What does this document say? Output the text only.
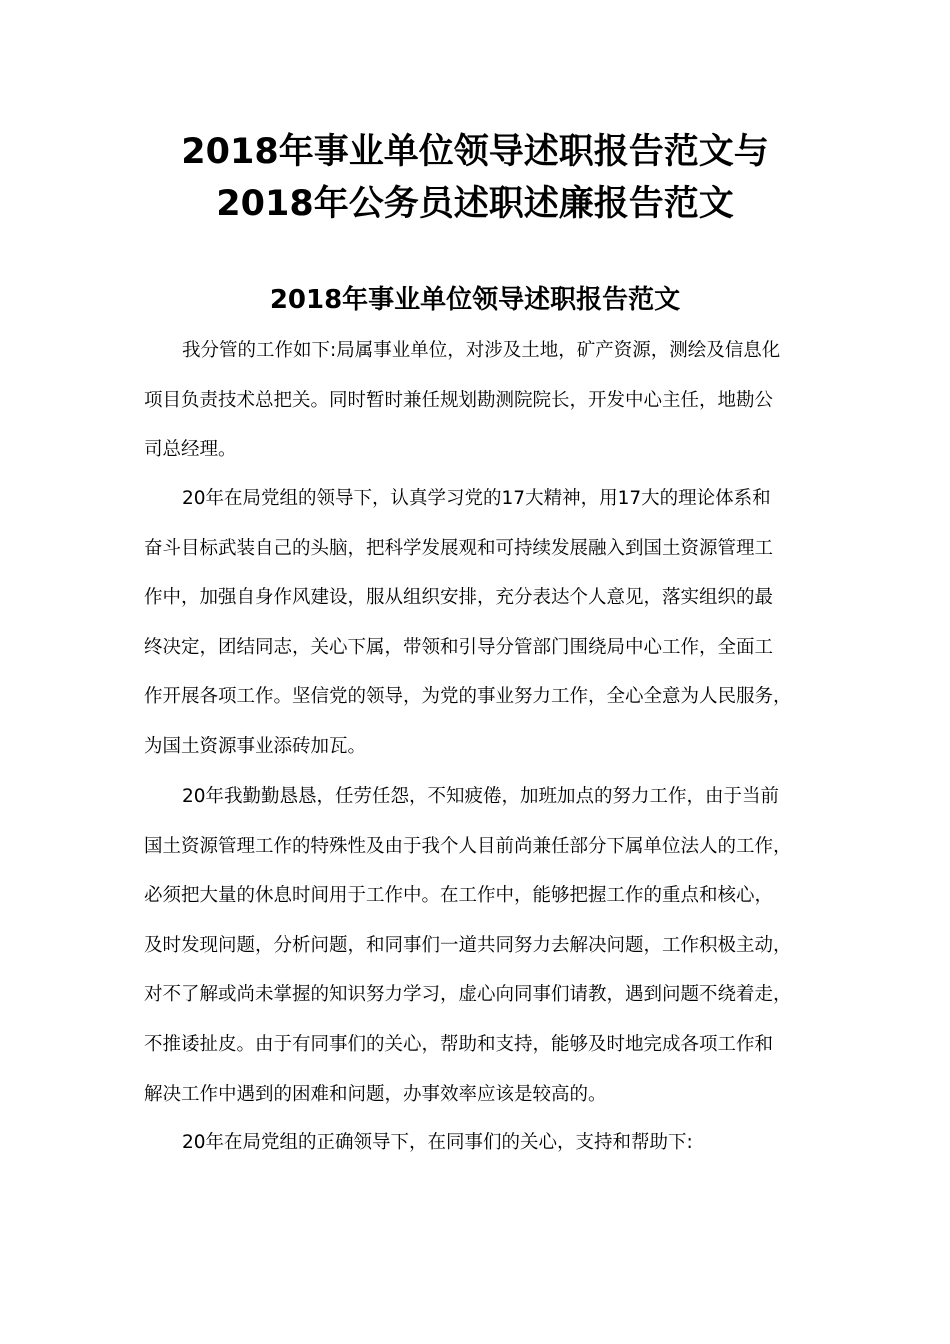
2018年事业单位领导述职报告范文与
2018年公务员述职述廉报告范文
2018年事业单位领导述职报告范文
我分管的工作如下:局属事业单位，对涉及土地，矿产资源，测绘及信息化
项目负责技术总把关。同时暂时兼任规划勘测院院长，开发中心主任，地勘公
司总经理。
20年在局党组的领导下，认真学习党的17大精神，用17大的理论体系和
奋斗目标武装自己的头脑，把科学发展观和可持续发展融入到国土资源管理工
作中，加强自身作风建设，服从组织安排，充分表达个人意见，落实组织的最
终决定，团结同志，关心下属，带领和引导分管部门围绕局中心工作，全面工
作开展各项工作。坚信党的领导，为党的事业努力工作，全心全意为人民服务，
为国土资源事业添砖加瓦。
20年我勤勤恳恳，任劳任怨，不知疲倦，加班加点的努力工作，由于当前
国土资源管理工作的特殊性及由于我个人目前尚兼任部分下属单位法人的工作，
必须把大量的休息时间用于工作中。在工作中，能够把握工作的重点和核心，
及时发现问题，分析问题，和同事们一道共同努力去解决问题，工作积极主动，
对不了解或尚未掌握的知识努力学习，虚心向同事们请教，遇到问题不绕着走，
不推诿扯皮。由于有同事们的关心，帮助和支持，能够及时地完成各项工作和
解决工作中遇到的困难和问题，办事效率应该是较高的。
20年在局党组的正确领导下，在同事们的关心，支持和帮助下:
